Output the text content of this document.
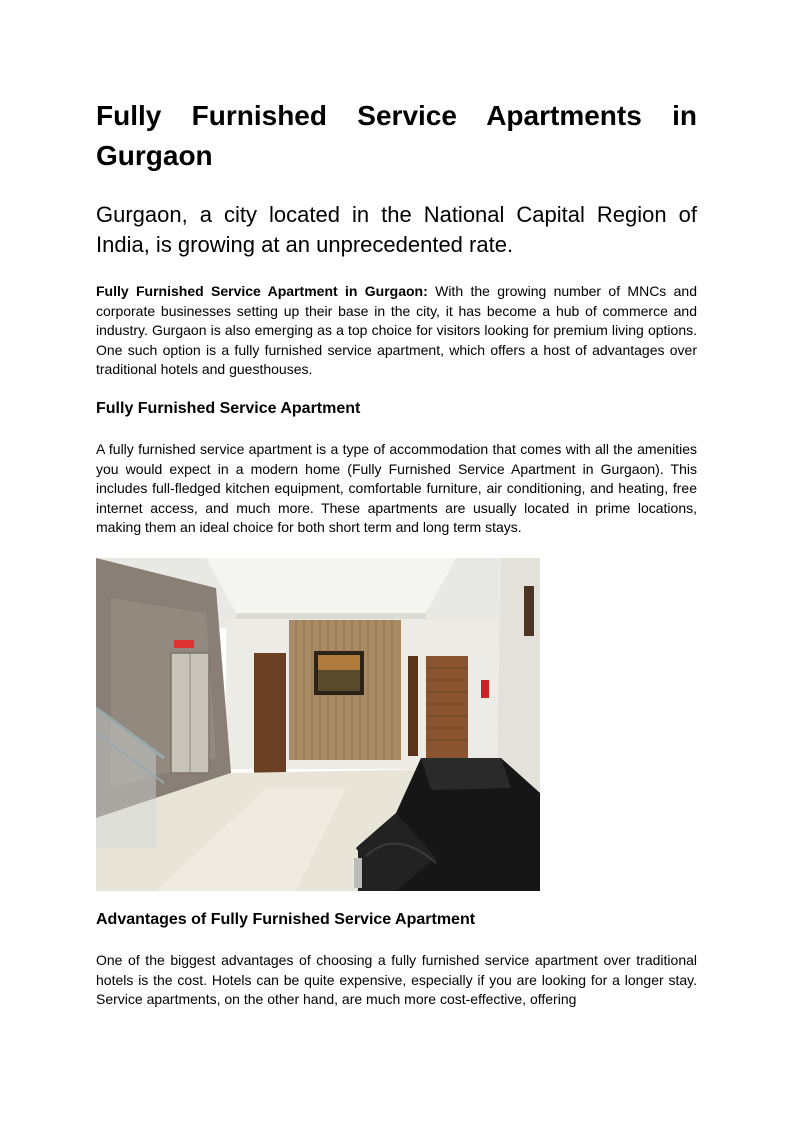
Fully Furnished Service Apartments in Gurgaon
Gurgaon, a city located in the National Capital Region of India, is growing at an unprecedented rate.

Fully Furnished Service Apartment in Gurgaon: With the growing number of MNCs and corporate businesses setting up their base in the city, it has become a hub of commerce and industry. Gurgaon is also emerging as a top choice for visitors looking for premium living options. One such option is a fully furnished service apartment, which offers a host of advantages over traditional hotels and guesthouses.

Fully Furnished Service Apartment

A fully furnished service apartment is a type of accommodation that comes with all the amenities you would expect in a modern home (Fully Furnished Service Apartment in Gurgaon). This includes full-fledged kitchen equipment, comfortable furniture, air conditioning, and heating, free internet access, and much more. These apartments are usually located in prime locations, making them an ideal choice for both short term and long term stays.

Advantages of Fully Furnished Service Apartment

One of the biggest advantages of choosing a fully furnished service apartment over traditional hotels is the cost. Hotels can be quite expensive, especially if you are looking for a longer stay. Service apartments, on the other hand, are much more cost-effective, offering
